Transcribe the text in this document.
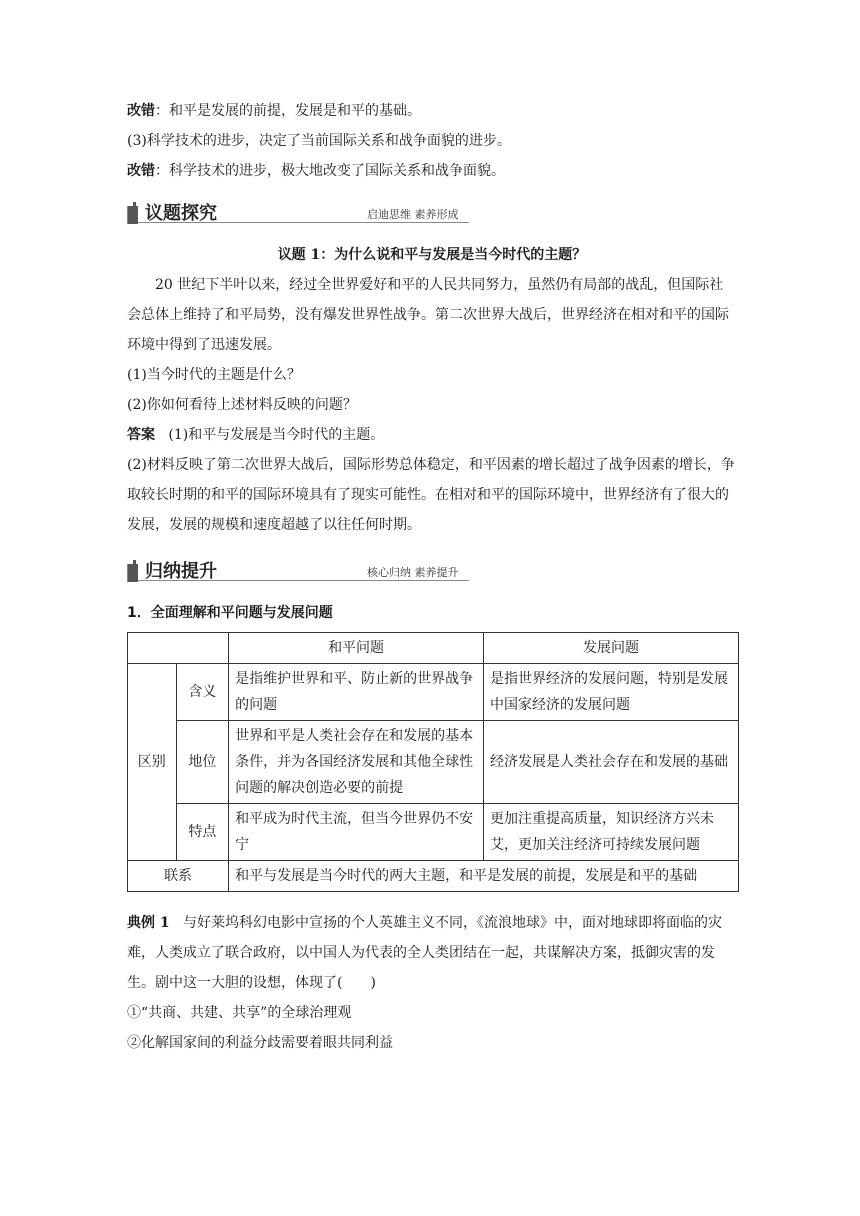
改错：和平是发展的前提，发展是和平的基础。
(3)科学技术的进步，决定了当前国际关系和战争面貌的进步。
改错：科学技术的进步，极大地改变了国际关系和战争面貌。
议题探究	启迪思维 素养形成
议题 1：为什么说和平与发展是当今时代的主题？
20 世纪下半叶以来，经过全世界爱好和平的人民共同努力，虽然仍有局部的战乱，但国际社会总体上维持了和平局势，没有爆发世界性战争。第二次世界大战后，世界经济在相对和平的国际环境中得到了迅速发展。
(1)当今时代的主题是什么？
(2)你如何看待上述材料反映的问题？
答案 (1)和平与发展是当今时代的主题。
(2)材料反映了第二次世界大战后，国际形势总体稳定，和平因素的增长超过了战争因素的增长，争取较长时期的和平的国际环境具有了现实可能性。在相对和平的国际环境中，世界经济有了很大的发展，发展的规模和速度超越了以往任何时期。
归纳提升	核心归纳 素养提升
1．全面理解和平问题与发展问题
		和平问题	发展问题
区别	含义	是指维护世界和平、防止新的世界战争的问题	是指世界经济的发展问题，特别是发展中国家经济的发展问题
	地位	世界和平是人类社会存在和发展的基本条件，并为各国经济发展和其他全球性问题的解决创造必要的前提	经济发展是人类社会存在和发展的基础
	特点	和平成为时代主流，但当今世界仍不安宁	更加注重提高质量，知识经济方兴未艾，更加关注经济可持续发展问题
联系		和平与发展是当今时代的两大主题，和平是发展的前提，发展是和平的基础	
典例 1 与好莱坞科幻电影中宣扬的个人英雄主义不同，《流浪地球》中，面对地球即将面临的灾难，人类成立了联合政府，以中国人为代表的全人类团结在一起，共谋解决方案，抵御灾害的发生。剧中这一大胆的设想，体现了(　　)
①“共商、共建、共享”的全球治理观
②化解国家间的利益分歧需要着眼共同利益
